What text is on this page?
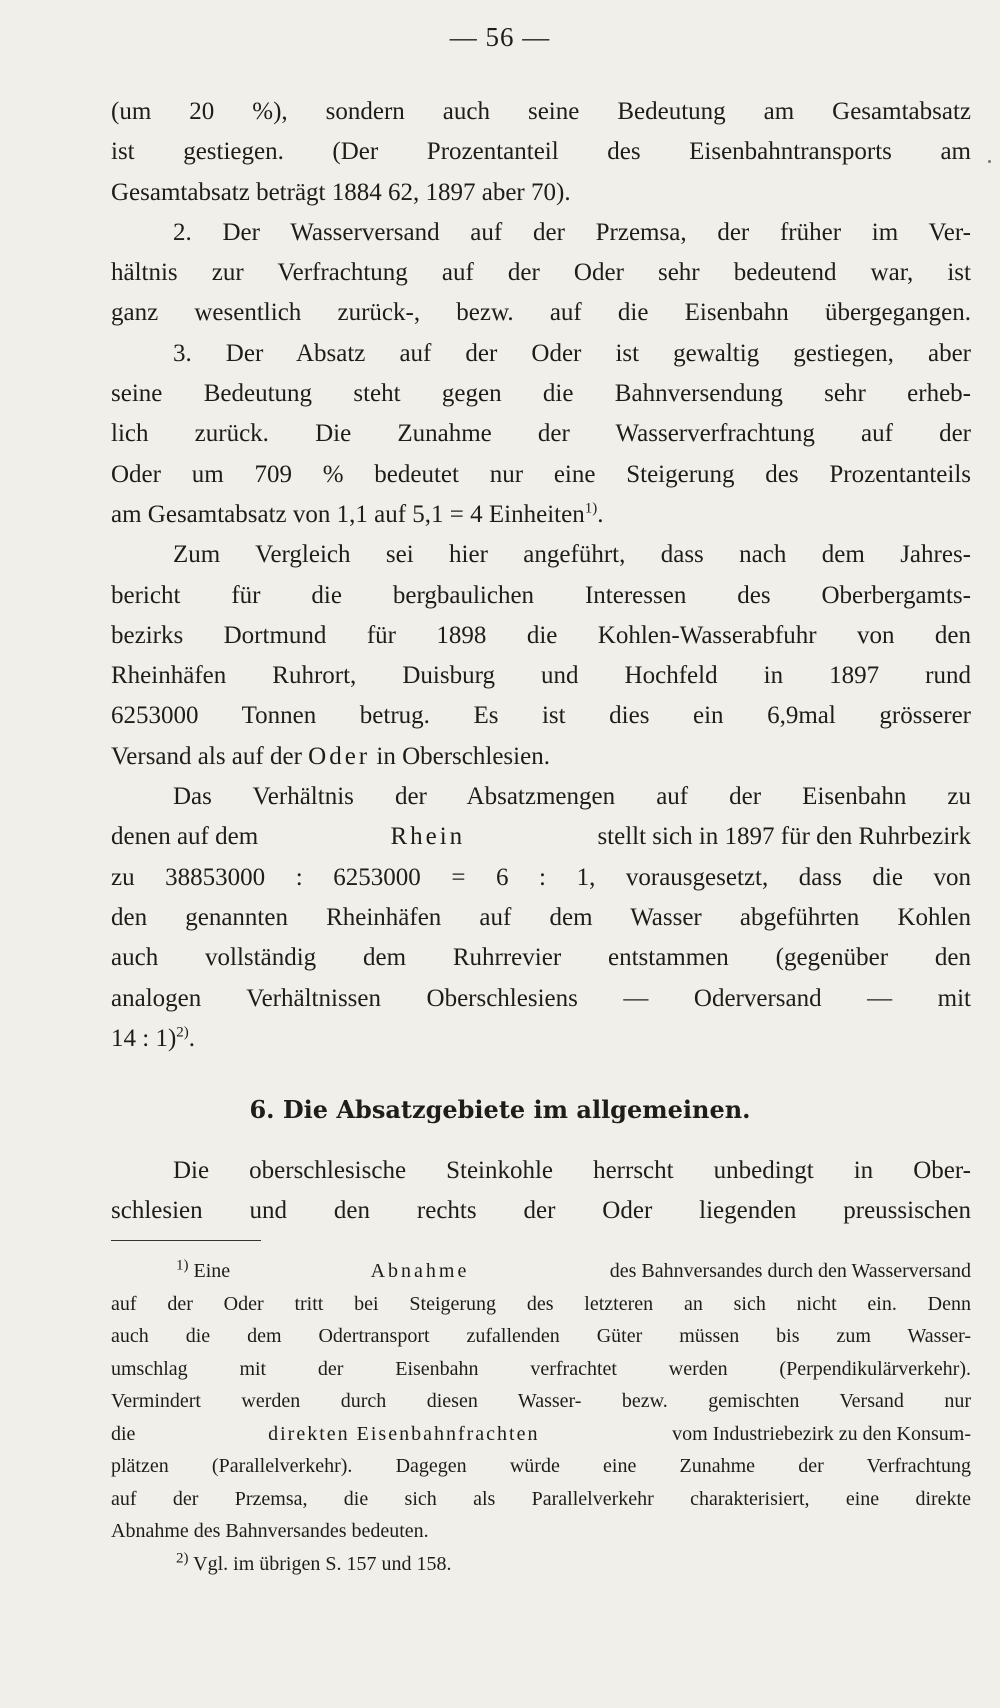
— 56 —
(um 20 %), sondern auch seine Bedeutung am Gesamtabsatz
ist gestiegen. (Der Prozentanteil des Eisenbahntransports am
Gesamtabsatz beträgt 1884 62, 1897 aber 70).
2. Der Wasserversand auf der Przemsa, der früher im Ver-
hältnis zur Verfrachtung auf der Oder sehr bedeutend war, ist
ganz wesentlich zurück-, bezw. auf die Eisenbahn übergegangen.
3. Der Absatz auf der Oder ist gewaltig gestiegen, aber
seine Bedeutung steht gegen die Bahnversendung sehr erheb-
lich zurück. Die Zunahme der Wasserverfrachtung auf der
Oder um 709 % bedeutet nur eine Steigerung des Prozentanteils
am Gesamtabsatz von 1,1 auf 5,1 = 4 Einheiten$^{1)}$.
Zum Vergleich sei hier angeführt, dass nach dem Jahres-
bericht für die bergbaulichen Interessen des Oberbergamts-
bezirks Dortmund für 1898 die Kohlen-Wasserabfuhr von den
Rheinhäfen Ruhrort, Duisburg und Hochfeld in 1897 rund
6253000 Tonnen betrug. Es ist dies ein 6,9mal grösserer
Versand als auf der Oder in Oberschlesien.
Das Verhältnis der Absatzmengen auf der Eisenbahn zu
denen auf dem	Rhein	stellt sich in 1897 für den Ruhrbezirk
zu 38853000 : 6253000 = 6 : 1, vorausgesetzt, dass die von
den genannten Rheinhäfen auf dem Wasser abgeführten Kohlen
auch vollständig dem Ruhrrevier entstammen (gegenüber den
analogen Verhältnissen Oberschlesiens — Oderversand — mit
14 : 1)$^{2)}$.
6. Die Absatzgebiete im allgemeinen.
Die oberschlesische Steinkohle herrscht unbedingt in Ober-
schlesien und den rechts der Oder liegenden preussischen
$^{1)}$ Eine	Abnahme	des Bahnversandes durch den Wasserversand
auf der Oder tritt bei Steigerung des letzteren an sich nicht ein. Denn
auch die dem Odertransport zufallenden Güter müssen bis zum Wasser-
umschlag mit der Eisenbahn verfrachtet werden (Perpendikulärverkehr).
Vermindert werden durch diesen Wasser- bezw. gemischten Versand nur
die	direkten Eisenbahnfrachten	vom Industriebezirk zu den Konsum-
plätzen (Parallelverkehr). Dagegen würde eine Zunahme der Verfrachtung
auf der Przemsa, die sich als Parallelverkehr charakterisiert, eine direkte
Abnahme des Bahnversandes bedeuten.
$^{2)}$ Vgl. im übrigen S. 157 und 158.
